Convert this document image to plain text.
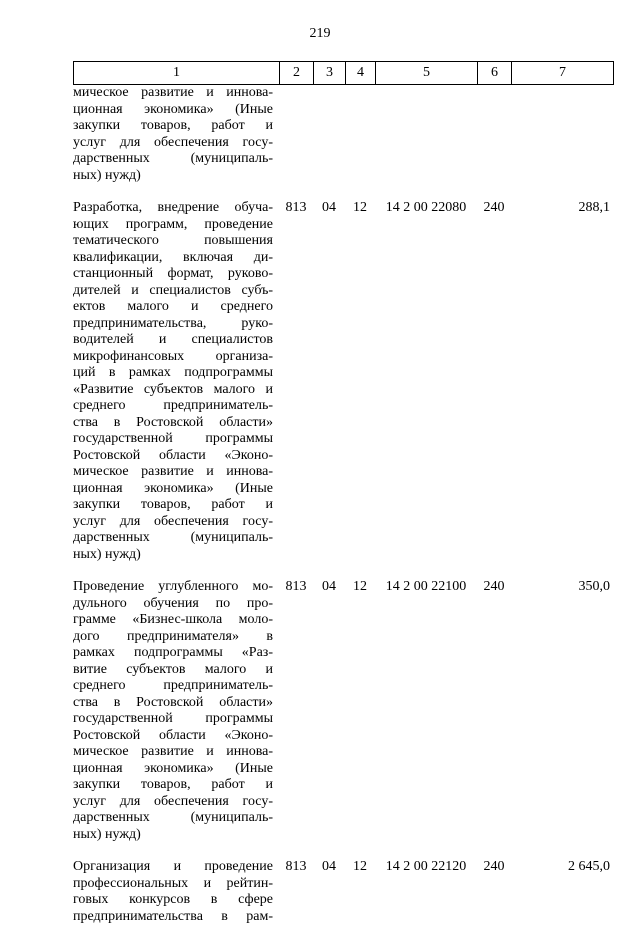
219
1	2	3	4	5	6	7
мическое развитие и иннова-
ционная экономика» (Иные
закупки товаров, работ и
услуг для обеспечения госу-
дарственных (муниципаль-
ных) нужд)
Разработка, внедрение обуча-
ющих программ, проведение
тематического повышения
квалификации, включая ди-
станционный формат, руково-
дителей и специалистов субъ-
ектов малого и среднего
предпринимательства, руко-
водителей и специалистов
микрофинансовых организа-
ций в рамках подпрограммы
«Развитие субъектов малого и
среднего предприниматель-
ства в Ростовской области»
государственной программы
Ростовской области «Эконо-
мическое развитие и иннова-
ционная экономика» (Иные
закупки товаров, работ и
услуг для обеспечения госу-
дарственных (муниципаль-
ных) нужд)
813	04	12	14 2 00 22080	240	288,1
Проведение углубленного мо-
дульного обучения по про-
грамме «Бизнес-школа моло-
дого предпринимателя» в
рамках подпрограммы «Раз-
витие субъектов малого и
среднего предприниматель-
ства в Ростовской области»
государственной программы
Ростовской области «Эконо-
мическое развитие и иннова-
ционная экономика» (Иные
закупки товаров, работ и
услуг для обеспечения госу-
дарственных (муниципаль-
ных) нужд)
813	04	12	14 2 00 22100	240	350,0
Организация и проведение
профессиональных и рейтин-
говых конкурсов в сфере
предпринимательства в рам-
813	04	12	14 2 00 22120	240	2 645,0
